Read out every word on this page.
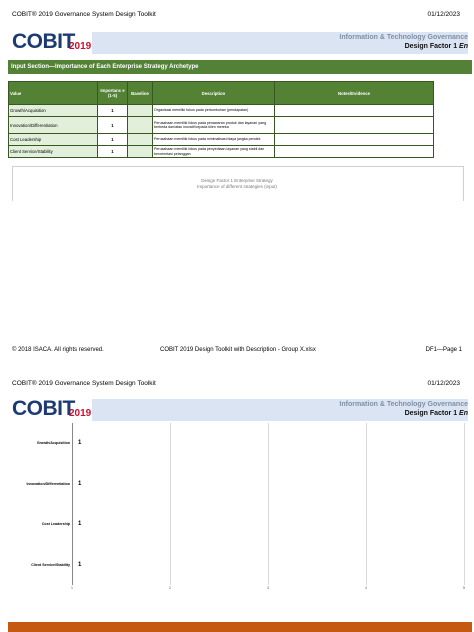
COBIT® 2019 Governance System Design Toolkit	01/12/2023
COBIT
2019
Information & Technology Governance
Design Factor 1 En
Input Section—Importance of Each Enterprise Strategy Archetype
Value	Importanc e (1-5)	Baseline	Description	Notes/Evidence
Growth/Acquisition	1		Organisasi memiliki fokus pada pertumbuhan (pendapatan)	
Innovation/Differentiation	1		Perusahaan memiliki fokus pada penawaran produk dan layanan yang berbeda dan/atau inovatif kepada klien mereka	
Cost Leadership	1		Perusahaan memiliki fokus pada minimalisasi biaya jangka pendek	
Client Service/Stability	1		Perusahaan memiliki fokus pada penyediaan layanan yang stabil dan berorientasi pelanggan	
Design Factor 1 Enterprise Strategy
Importance of different strategies (input)
© 2018 ISACA. All rights reserved.	COBIT 2019 Design Toolkit with Description - Group X.xlsx	DF1—Page 1
COBIT® 2019 Governance System Design Toolkit	01/12/2023
COBIT
2019
Information & Technology Governance
Design Factor 1 En
1	2	3	4	5
Growth/Acquisition 1
Innovation/Differentiation 1
Cost Leadership 1
Client Service/Stability 1
